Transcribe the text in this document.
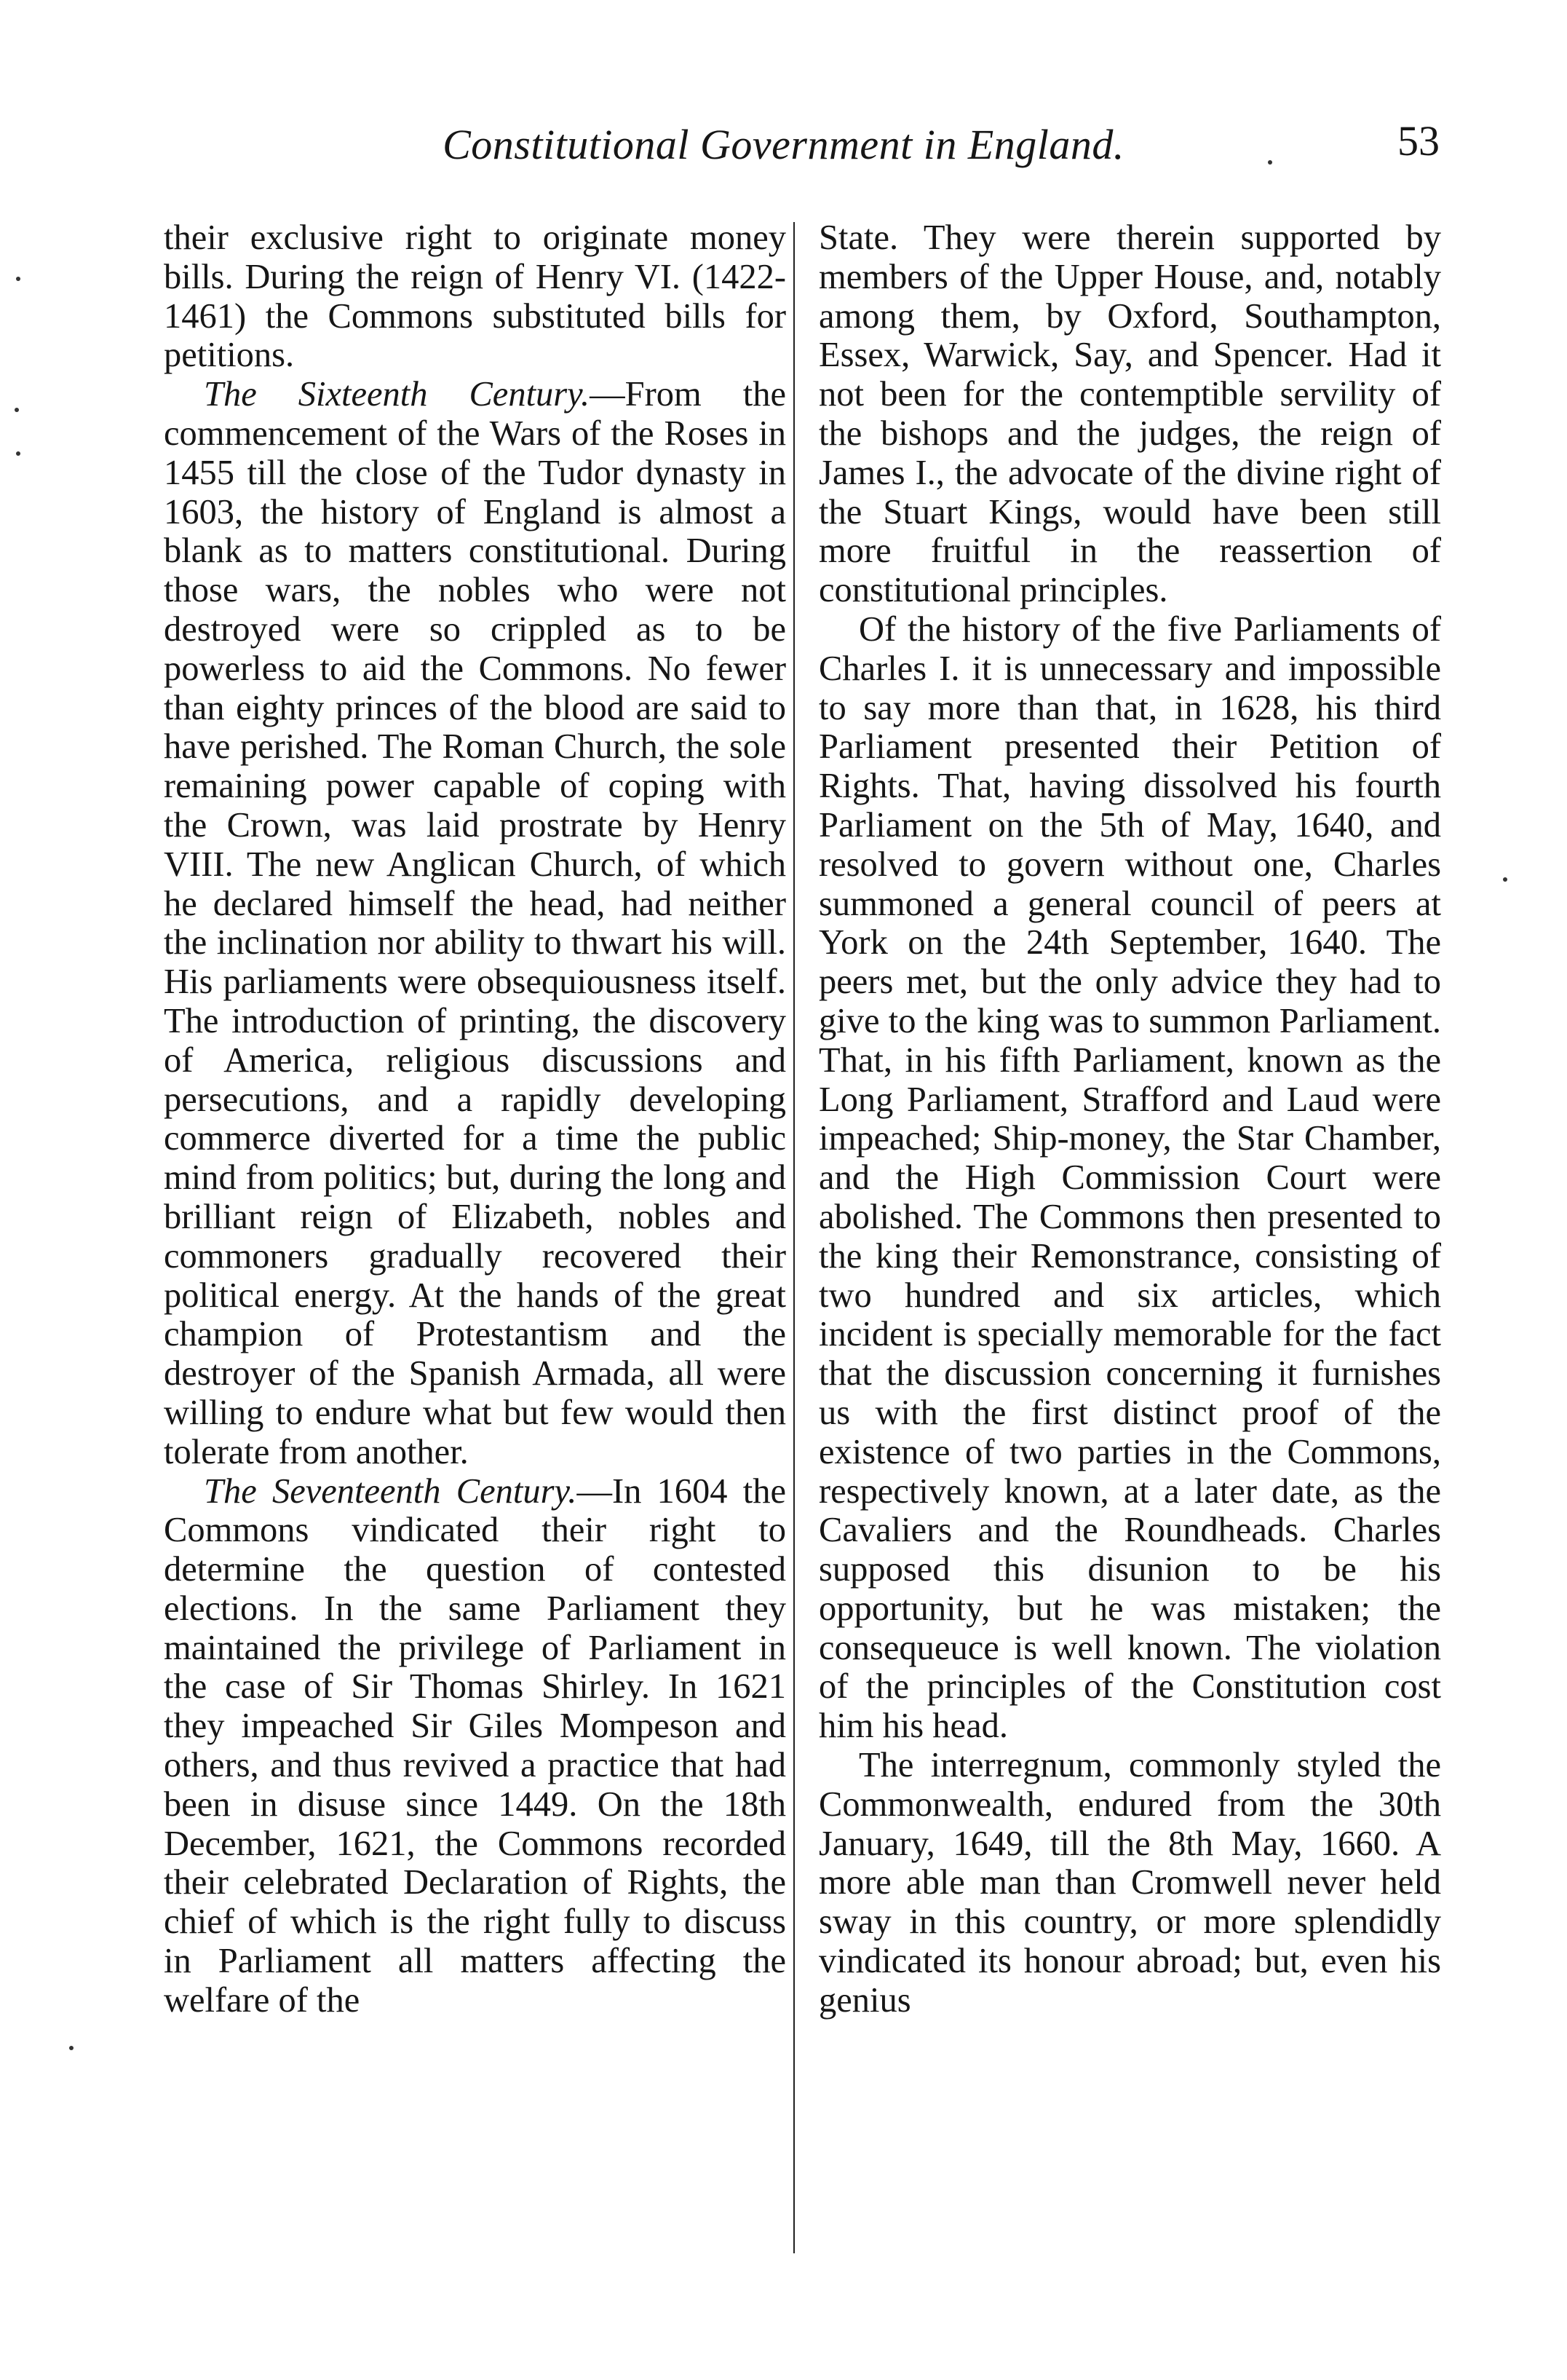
Constitutional Government in England.	53

their exclusive right to originate money bills. During the reign of Henry VI. (1422-1461) the Commons substituted bills for petitions.

The Sixteenth Century.—From the commencement of the Wars of the Roses in 1455 till the close of the Tudor dynasty in 1603, the history of England is almost a blank as to matters constitutional. During those wars, the nobles who were not destroyed were so crippled as to be powerless to aid the Commons. No fewer than eighty princes of the blood are said to have perished. The Roman Church, the sole remaining power capable of coping with the Crown, was laid prostrate by Henry VIII. The new Anglican Church, of which he declared himself the head, had neither the inclination nor ability to thwart his will. His parliaments were obsequiousness itself. The introduction of printing, the discovery of America, religious discussions and persecutions, and a rapidly developing commerce diverted for a time the public mind from politics; but, during the long and brilliant reign of Elizabeth, nobles and commoners gradually recovered their political energy. At the hands of the great champion of Protestantism and the destroyer of the Spanish Armada, all were willing to endure what but few would then tolerate from another.

The Seventeenth Century.—In 1604 the Commons vindicated their right to determine the question of contested elections. In the same Parliament they maintained the privilege of Parliament in the case of Sir Thomas Shirley. In 1621 they impeached Sir Giles Mompeson and others, and thus revived a practice that had been in disuse since 1449. On the 18th December, 1621, the Commons recorded their celebrated Declaration of Rights, the chief of which is the right fully to discuss in Parliament all matters affecting the welfare of the

State. They were therein supported by members of the Upper House, and, notably among them, by Oxford, Southampton, Essex, Warwick, Say, and Spencer. Had it not been for the contemptible servility of the bishops and the judges, the reign of James I., the advocate of the divine right of the Stuart Kings, would have been still more fruitful in the reassertion of constitutional principles.

Of the history of the five Parliaments of Charles I. it is unnecessary and impossible to say more than that, in 1628, his third Parliament presented their Petition of Rights. That, having dissolved his fourth Parliament on the 5th of May, 1640, and resolved to govern without one, Charles summoned a general council of peers at York on the 24th September, 1640. The peers met, but the only advice they had to give to the king was to summon Parliament. That, in his fifth Parliament, known as the Long Parliament, Strafford and Laud were impeached; Ship-money, the Star Chamber, and the High Commission Court were abolished. The Commons then presented to the king their Remonstrance, consisting of two hundred and six articles, which incident is specially memorable for the fact that the discussion concerning it furnishes us with the first distinct proof of the existence of two parties in the Commons, respectively known, at a later date, as the Cavaliers and the Roundheads. Charles supposed this disunion to be his opportunity, but he was mistaken; the consequeuce is well known. The violation of the principles of the Constitution cost him his head.

The interregnum, commonly styled the Commonwealth, endured from the 30th January, 1649, till the 8th May, 1660. A more able man than Cromwell never held sway in this country, or more splendidly vindicated its honour abroad; but, even his genius
